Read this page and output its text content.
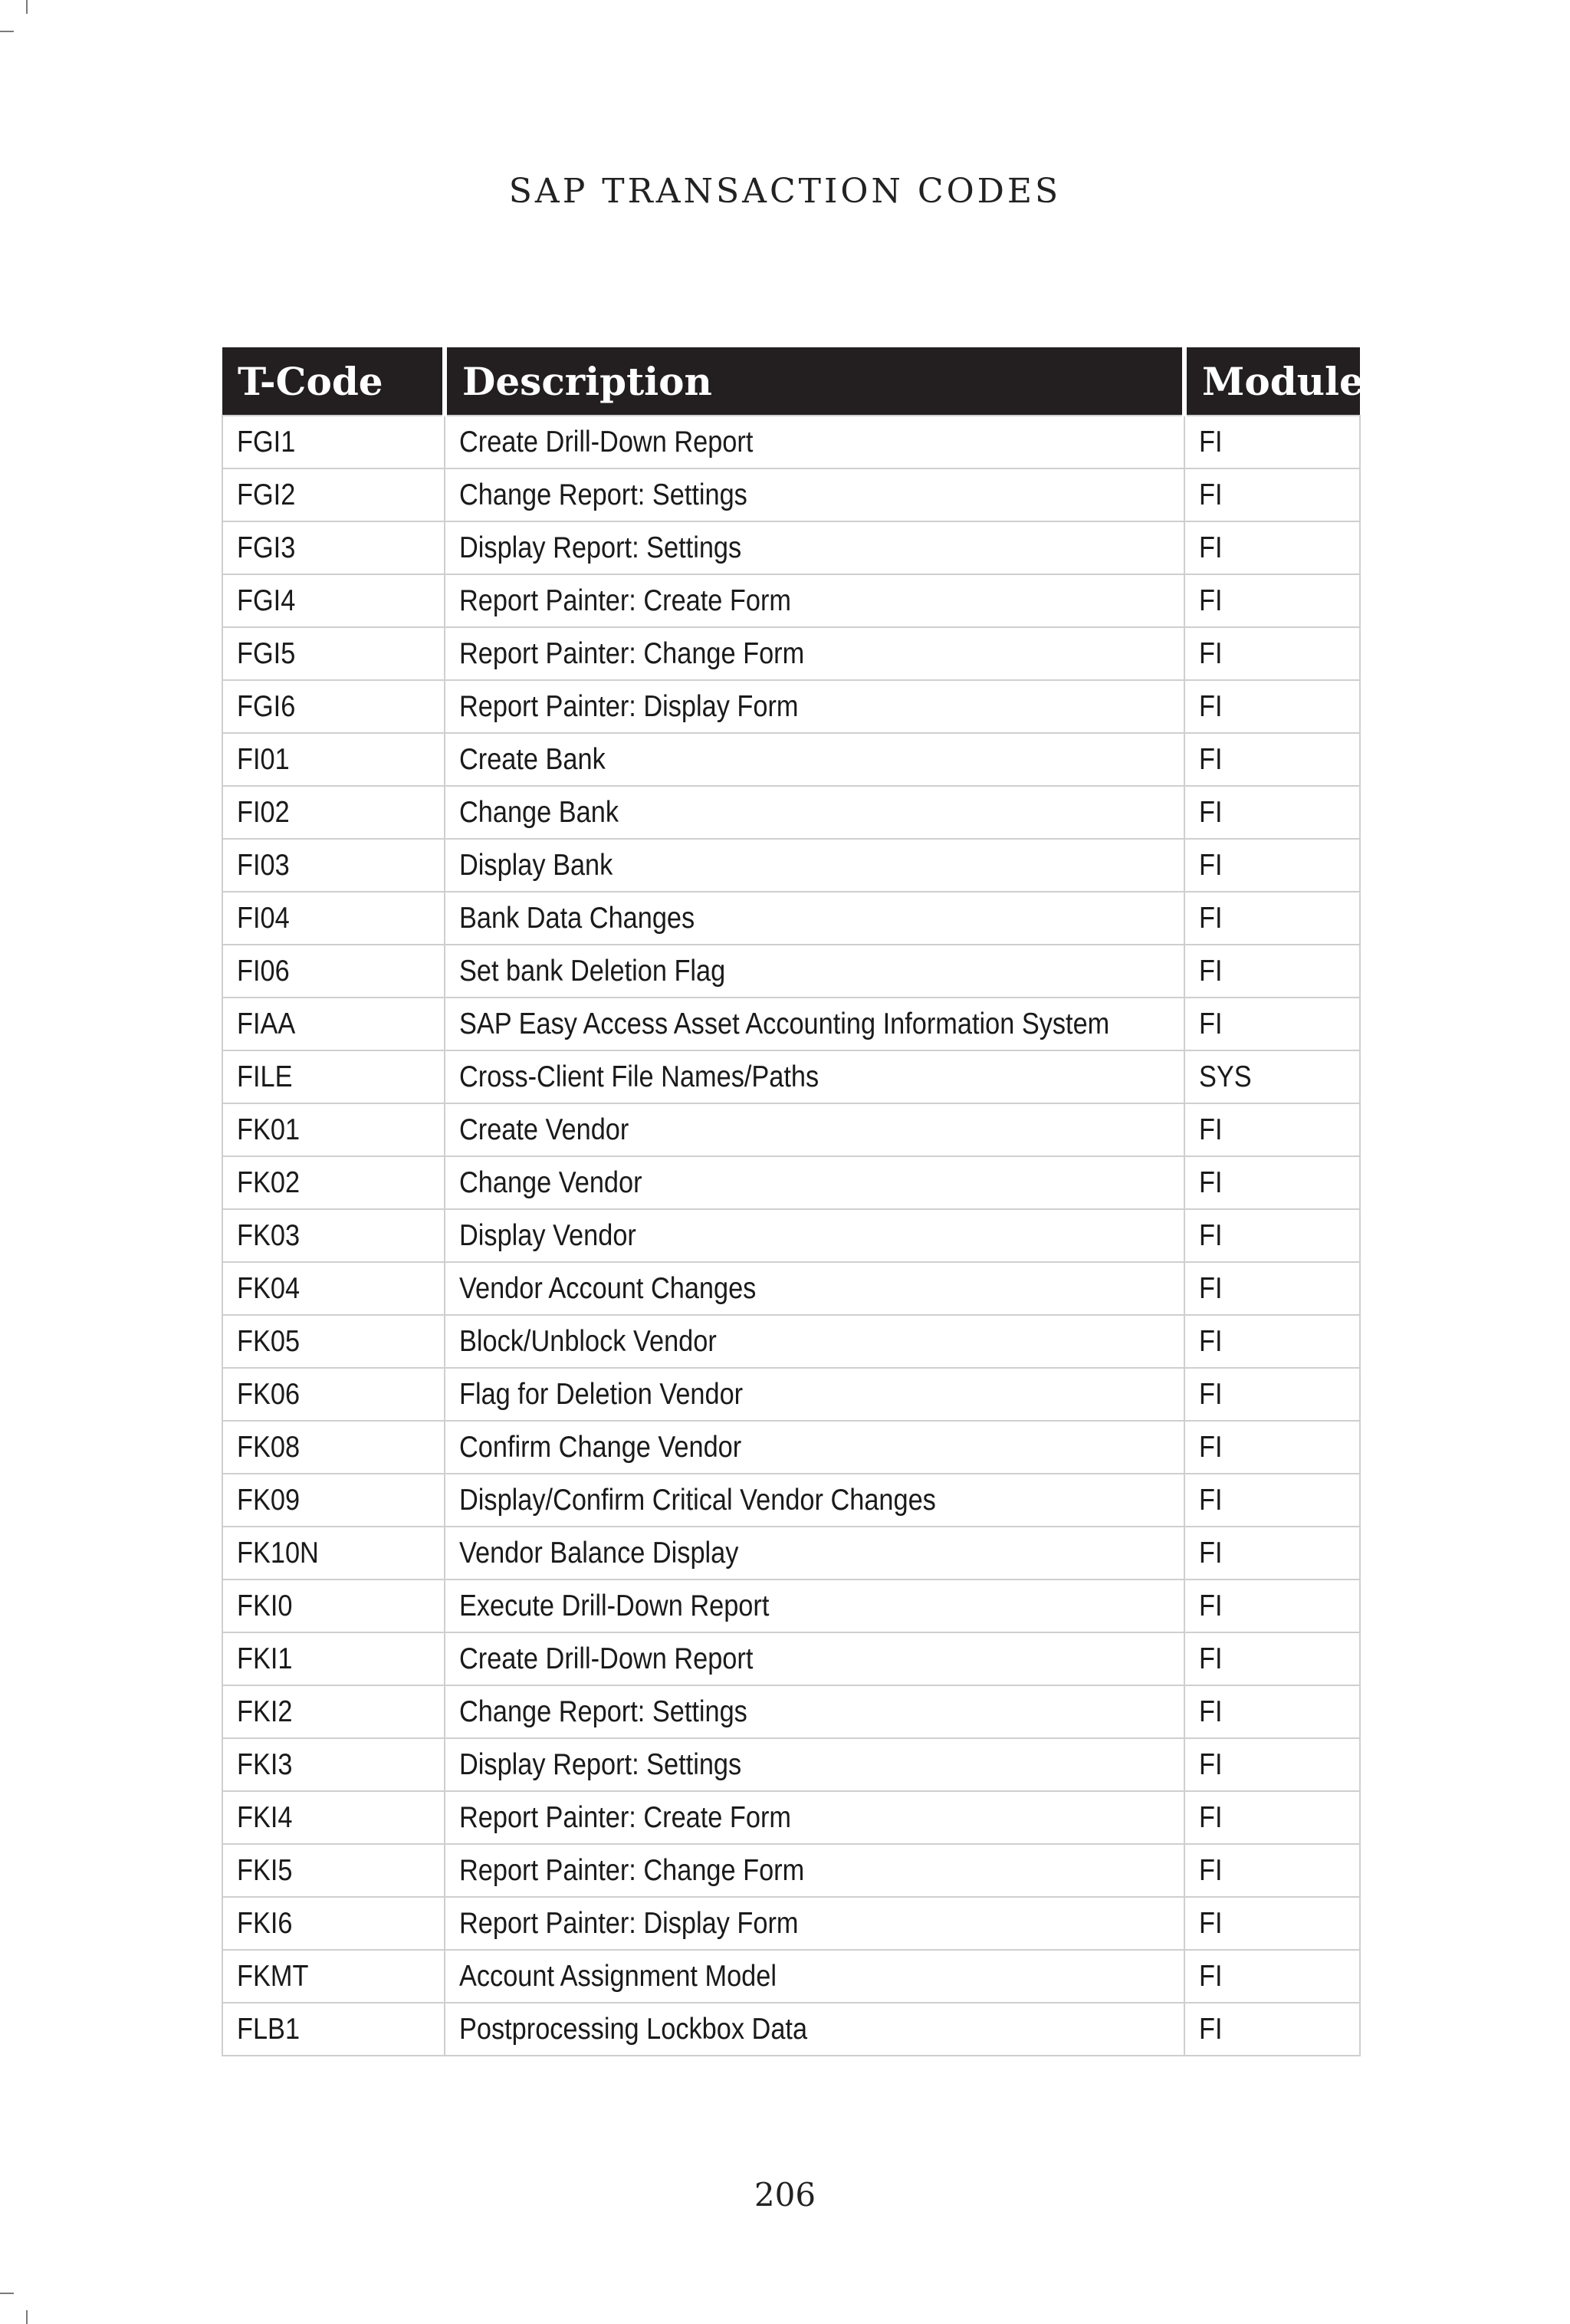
SAP TRANSACTION CODES
T-Code	Description	Module
FGI1	Create Drill-Down Report	FI
FGI2	Change Report: Settings	FI
FGI3	Display Report: Settings	FI
FGI4	Report Painter: Create Form	FI
FGI5	Report Painter: Change Form	FI
FGI6	Report Painter: Display Form	FI
FI01	Create Bank	FI
FI02	Change Bank	FI
FI03	Display Bank	FI
FI04	Bank Data Changes	FI
FI06	Set bank Deletion Flag	FI
FIAA	SAP Easy Access Asset Accounting Information System	FI
FILE	Cross-Client File Names/Paths	SYS
FK01	Create Vendor	FI
FK02	Change Vendor	FI
FK03	Display Vendor	FI
FK04	Vendor Account Changes	FI
FK05	Block/Unblock Vendor	FI
FK06	Flag for Deletion Vendor	FI
FK08	Confirm Change Vendor	FI
FK09	Display/Confirm Critical Vendor Changes	FI
FK10N	Vendor Balance Display	FI
FKI0	Execute Drill-Down Report	FI
FKI1	Create Drill-Down Report	FI
FKI2	Change Report: Settings	FI
FKI3	Display Report: Settings	FI
FKI4	Report Painter: Create Form	FI
FKI5	Report Painter: Change Form	FI
FKI6	Report Painter: Display Form	FI
FKMT	Account Assignment Model	FI
FLB1	Postprocessing Lockbox Data	FI
206
